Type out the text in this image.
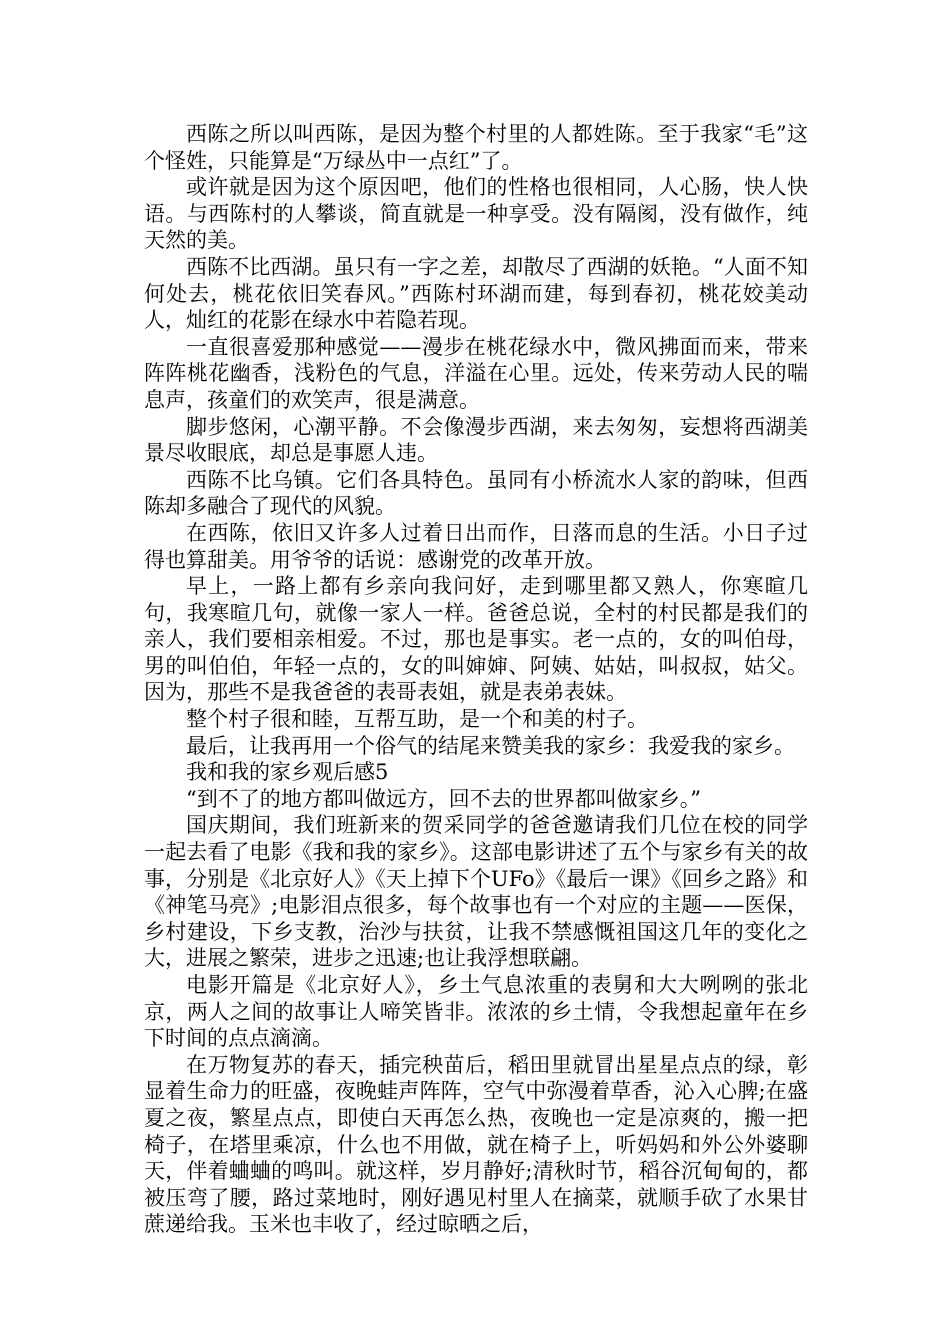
西陈之所以叫西陈，是因为整个村里的人都姓陈。至于我家“毛”这个怪姓，只能算是“万绿丛中一点红”了。

或许就是因为这个原因吧，他们的性格也很相同，人心肠，快人快语。与西陈村的人攀谈，简直就是一种享受。没有隔阂，没有做作，纯天然的美。

西陈不比西湖。虽只有一字之差，却散尽了西湖的妖艳。“人面不知何处去，桃花依旧笑春风。”西陈村环湖而建，每到春初，桃花姣美动人，灿红的花影在绿水中若隐若现。

一直很喜爱那种感觉——漫步在桃花绿水中，微风拂面而来，带来阵阵桃花幽香，浅粉色的气息，洋溢在心里。远处，传来劳动人民的喘息声，孩童们的欢笑声，很是满意。

脚步悠闲，心潮平静。不会像漫步西湖，来去匆匆，妄想将西湖美景尽收眼底，却总是事愿人违。

西陈不比乌镇。它们各具特色。虽同有小桥流水人家的韵味，但西陈却多融合了现代的风貌。

在西陈，依旧又许多人过着日出而作，日落而息的生活。小日子过得也算甜美。用爷爷的话说：感谢党的改革开放。

早上，一路上都有乡亲向我问好，走到哪里都又熟人，你寒暄几句，我寒暄几句，就像一家人一样。爸爸总说，全村的村民都是我们的亲人，我们要相亲相爱。不过，那也是事实。老一点的，女的叫伯母，男的叫伯伯，年轻一点的，女的叫婶婶、阿姨、姑姑，叫叔叔，姑父。因为，那些不是我爸爸的表哥表姐，就是表弟表妹。

整个村子很和睦，互帮互助，是一个和美的村子。

最后，让我再用一个俗气的结尾来赞美我的家乡：我爱我的家乡。

我和我的家乡观后感5

“到不了的地方都叫做远方，回不去的世界都叫做家乡。”

国庆期间，我们班新来的贺采同学的爸爸邀请我们几位在校的同学一起去看了电影《我和我的家乡》。这部电影讲述了五个与家乡有关的故事，分别是《北京好人》《天上掉下个UFo》《最后一课》《回乡之路》和《神笔马亮》;电影泪点很多，每个故事也有一个对应的主题——医保，乡村建设，下乡支教，治沙与扶贫，让我不禁感慨祖国这几年的变化之大，进展之繁荣，进步之迅速;也让我浮想联翩。

电影开篇是《北京好人》，乡土气息浓重的表舅和大大咧咧的张北京，两人之间的故事让人啼笑皆非。浓浓的乡土情，令我想起童年在乡下时间的点点滴滴。

在万物复苏的春天，插完秧苗后，稻田里就冒出星星点点的绿，彰显着生命力的旺盛，夜晚蛙声阵阵，空气中弥漫着草香，沁入心脾;在盛夏之夜，繁星点点，即使白天再怎么热，夜晚也一定是凉爽的，搬一把椅子，在塔里乘凉，什么也不用做，就在椅子上，听妈妈和外公外婆聊天，伴着蛐蛐的鸣叫。就这样，岁月静好;清秋时节，稻谷沉甸甸的，都被压弯了腰，路过菜地时，刚好遇见村里人在摘菜，就顺手砍了水果甘蔗递给我。玉米也丰收了，经过晾晒之后，
